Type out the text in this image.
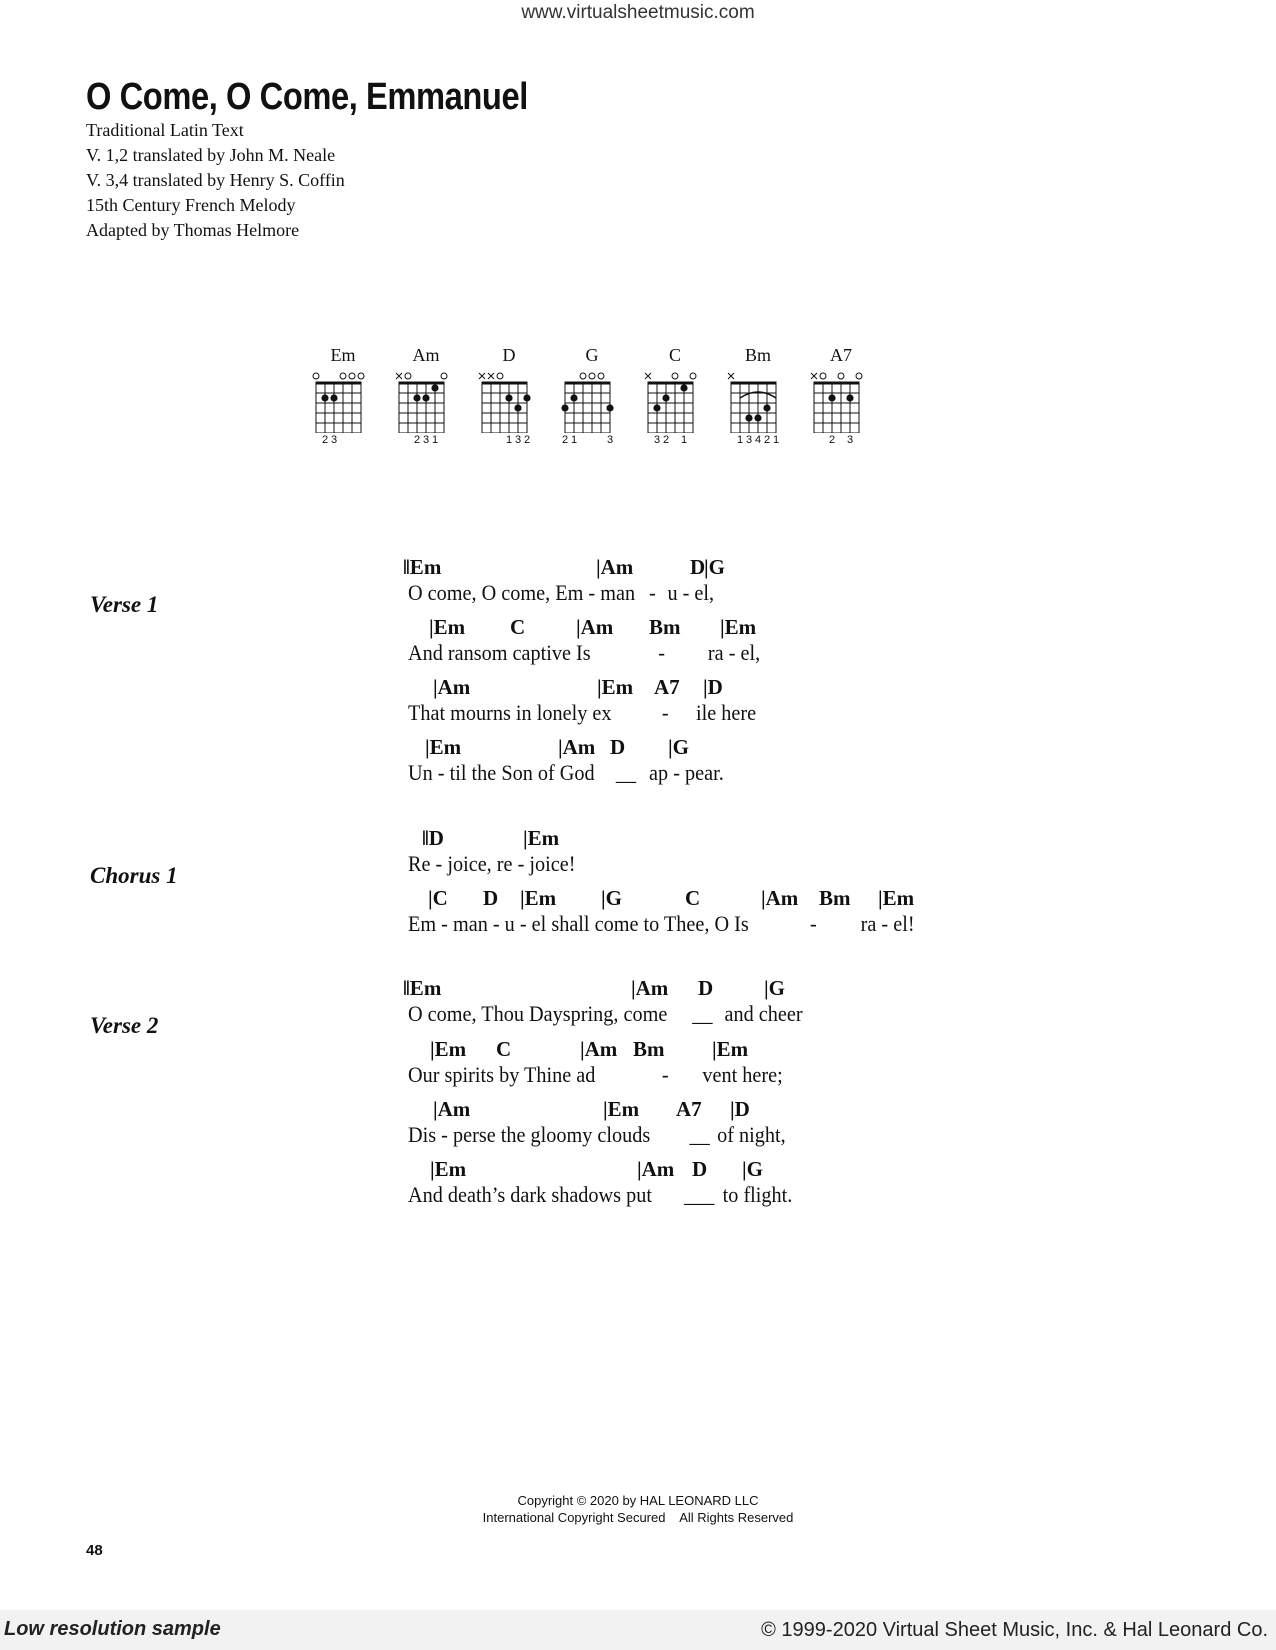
www.virtualsheetmusic.com
O Come, O Come, Emmanuel
Traditional Latin Text
V. 1,2 translated by John M. Neale
V. 3,4 translated by Henry S. Coffin
15th Century French Melody
Adapted by Thomas Helmore
Em
2 3
Am
2 3 1
D
1 3 2
G
2 1	3
C
3 2 1
Bm
1 3 4 2 1
A7
2 3
Verse 1
‖Em	|Am	D
|G
O come, O come, Em - man - u - el,
|Em C |Am Bm |Em
And ransom captive Is	- ra - el,
|Am	|Em A7 |D
That mourns in lonely ex - ile here
|Em	|Am D |G
Un - til the Son of God __ ap - pear.
Chorus 1
‖D	|Em
Re - joice, re - joice!
|C D |Em |G	C	|Am Bm |Em
Em - man - u - el shall come to Thee, O Is	- ra - el!
Verse 2
‖Em	|Am D |G
O come, Thou Dayspring, come __ and cheer
|Em C	|Am Bm |Em
Our spirits by Thine ad	- vent here;
|Am	|Em A7 |D
Dis - perse the gloomy clouds __ of night,
|Em	|Am D |G
And death’s dark shadows put ___ to flight.
Copyright © 2020 by HAL LEONARD LLC
International Copyright Secured    All Rights Reserved
48
Low resolution sample	© 1999-2020 Virtual Sheet Music, Inc. & Hal Leonard Co.
